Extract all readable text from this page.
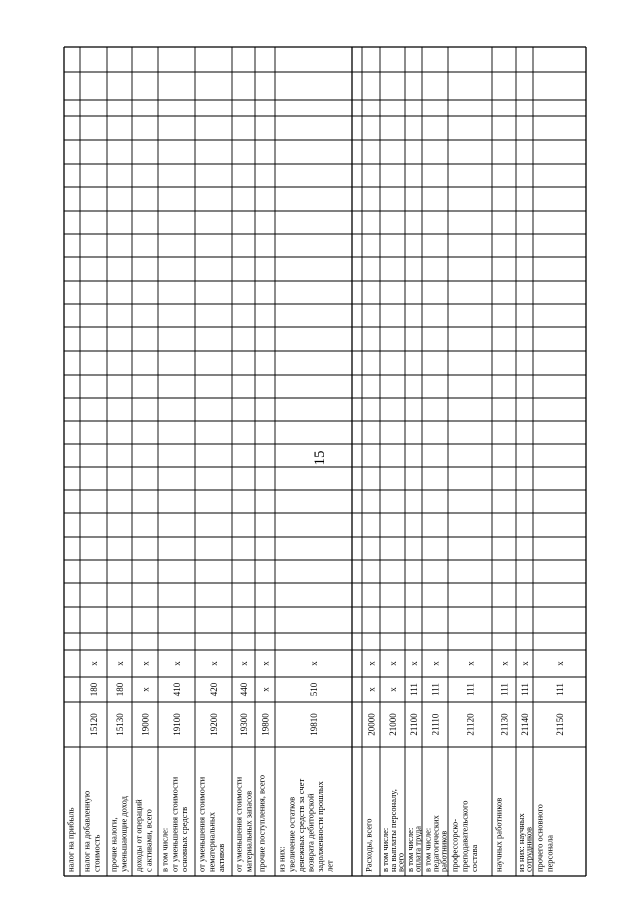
15
налог на прибыль налог на добавленную стоимость
15120
180
x
прочие налоги, уменьшающие доход
15130
180
x
доходы от операций с активами, всего
19000
x
x
в том числе: от уменьшения стоимости основных средств
19100
410
x
от уменьшения стоимости нематериальных активов
19200
420
x
от уменьшения стоимости материальных запасов
19300
440
x
прочие поступления, всего
19800
x
x
из них: увеличение остатков денежных средств за счет возврата дебиторской задолженности прошлых лет
19810
510
x
Расходы, всего
20000
x
x
в том числе:
на выплаты персоналу,
всего
21000
x
x
в том числе:
оплата труда
21100
111
x
в том числе:
педагогических
работников
21110
111
x
профессорско- преподавательского состава
21120
111
x
научных работников
21130
111
x
из них: научных
сотрудников
21140
111
x
прочего основного персонала
21150
111
x
